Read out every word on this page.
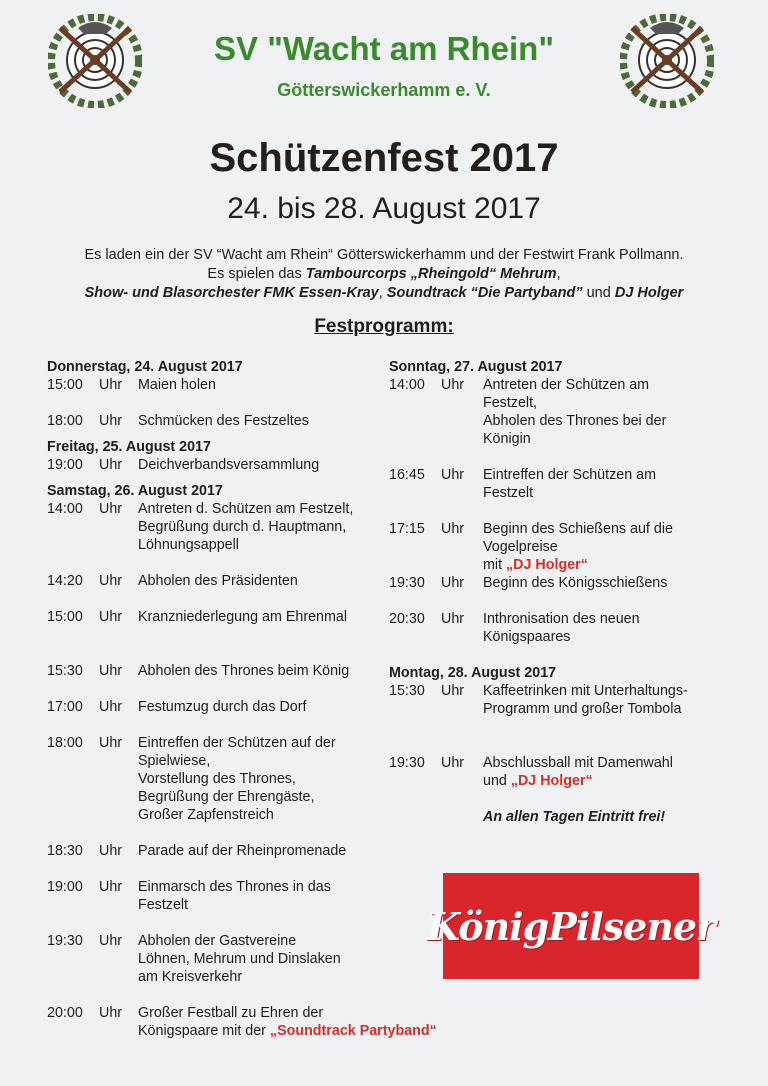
SV "Wacht am Rhein"
Götterswickerhamm e. V.
Schützenfest 2017
24. bis 28. August 2017
Es laden ein der SV “Wacht am Rhein“ Götterswickerhamm und der Festwirt Frank Pollmann.
Es spielen das Tambourcorps „Rheingold“ Mehrum,
Show- und Blasorchester FMK Essen-Kray, Soundtrack “Die Partyband” und DJ Holger
Festprogramm:
Donnerstag, 24. August 2017
15:00 Uhr Maien holen
18:00 Uhr Schmücken des Festzeltes
Freitag, 25. August 2017
19:00 Uhr Deichverbandsversammlung
Samstag, 26. August 2017
14:00 Uhr Antreten d. Schützen am Festzelt,
Begrüßung durch d. Hauptmann,
Löhnungsappell
14:20 Uhr Abholen des Präsidenten
15:00 Uhr Kranzniederlegung am Ehrenmal
15:30 Uhr Abholen des Thrones beim König
17:00 Uhr Festumzug durch das Dorf
18:00 Uhr Eintreffen der Schützen auf der
Spielwiese,
Vorstellung des Thrones,
Begrüßung der Ehrengäste,
Großer Zapfenstreich
18:30 Uhr Parade auf der Rheinpromenade
19:00 Uhr Einmarsch des Thrones in das
Festzelt
19:30 Uhr Abholen der Gastvereine
Löhnen, Mehrum und Dinslaken
am Kreisverkehr
20:00 Uhr Großer Festball zu Ehren der
Königspaare mit der „Soundtrack Partyband“
Sonntag, 27. August 2017
14:00 Uhr Antreten der Schützen am
Festzelt,
Abholen des Thrones bei der
Königin
16:45 Uhr Eintreffen der Schützen am
Festzelt
17:15 Uhr Beginn des Schießens auf die
Vogelpreise
mit „DJ Holger“
19:30 Uhr Beginn des Königsschießens
20:30 Uhr Inthronisation des neuen
Königspaares
Montag, 28. August 2017
15:30 Uhr Kaffeetrinken mit Unterhaltungs-
Programm und großer Tombola

19:30 Uhr Abschlussball mit Damenwahl
und „DJ Holger“
An allen Tagen Eintritt frei!
KönigPilsener
